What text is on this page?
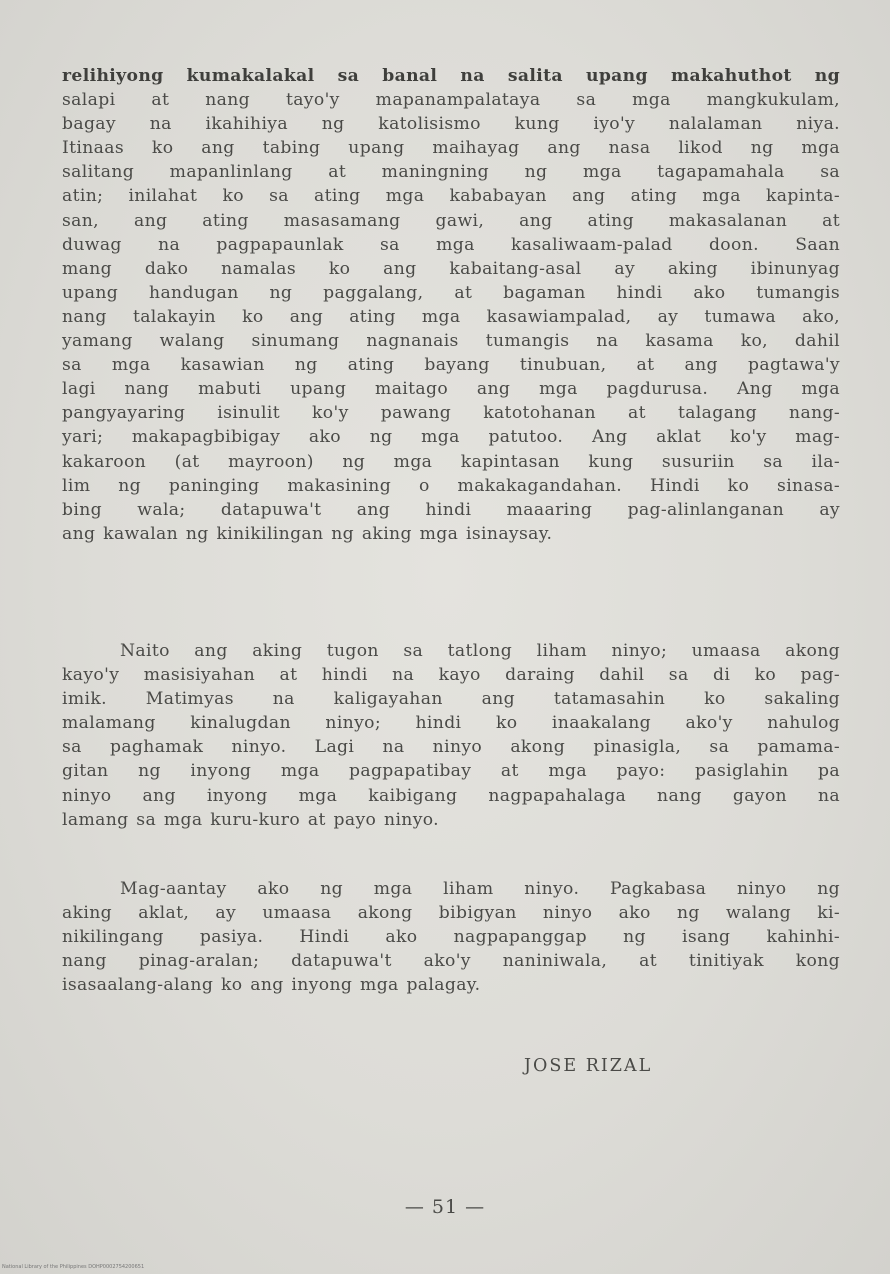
relihiyong kumakalakal sa banal na salita upang makahuthot ng
salapi at nang tayo'y mapanampalataya sa mga mangkukulam,
bagay na ikahihiya ng katolisismo kung iyo'y nalalaman niya.
Itinaas ko ang tabing upang maihayag ang nasa likod ng mga
salitang mapanlinlang at maningning ng mga tagapamahala sa
atin; inilahat ko sa ating mga kababayan ang ating mga kapinta-
san, ang ating masasamang gawi, ang ating makasalanan at
duwag na pagpapaunlak sa mga kasaliwaam-palad doon. Saan
mang dako namalas ko ang kabaitang-asal ay aking ibinunyag
upang handugan ng paggalang, at bagaman hindi ako tumangis
nang talakayin ko ang ating mga kasawiampalad, ay tumawa ako,
yamang walang sinumang nagnanais tumangis na kasama ko, dahil
sa mga kasawian ng ating bayang tinubuan, at ang pagtawa'y
lagi nang mabuti upang maitago ang mga pagdurusa. Ang mga
pangyayaring isinulit ko'y pawang katotohanan at talagang nang-
yari; makapagbibigay ako ng mga patutoo. Ang aklat ko'y mag-
kakaroon (at mayroon) ng mga kapintasan kung susuriin sa ila-
lim ng paninging makasining o makakagandahan. Hindi ko sinasa-
bing wala; datapuwa't ang hindi maaaring pag-alinlanganan ay
ang kawalan ng kinikilingan ng aking mga isinaysay.
Naito ang aking tugon sa tatlong liham ninyo; umaasa akong
kayo'y masisiyahan at hindi na kayo daraing dahil sa di ko pag-
imik. Matimyas na kaligayahan ang tatamasahin ko sakaling
malamang kinalugdan ninyo; hindi ko inaakalang ako'y nahulog
sa paghamak ninyo. Lagi na ninyo akong pinasigla, sa pamama-
gitan ng inyong mga pagpapatibay at mga payo: pasiglahin pa
ninyo ang inyong mga kaibigang nagpapahalaga nang gayon na
lamang sa mga kuru-kuro at payo ninyo.
Mag-aantay ako ng mga liham ninyo. Pagkabasa ninyo ng
aking aklat, ay umaasa akong bibigyan ninyo ako ng walang ki-
nikilingang pasiya. Hindi ako nagpapanggap ng isang kahinhi-
nang pinag-aralan; datapuwa't ako'y naniniwala, at tinitiyak kong
isasaalang-alang ko ang inyong mga palagay.
JOSE RIZAL
— 51 —
National Library of the Philippines DOHP0002754200651
